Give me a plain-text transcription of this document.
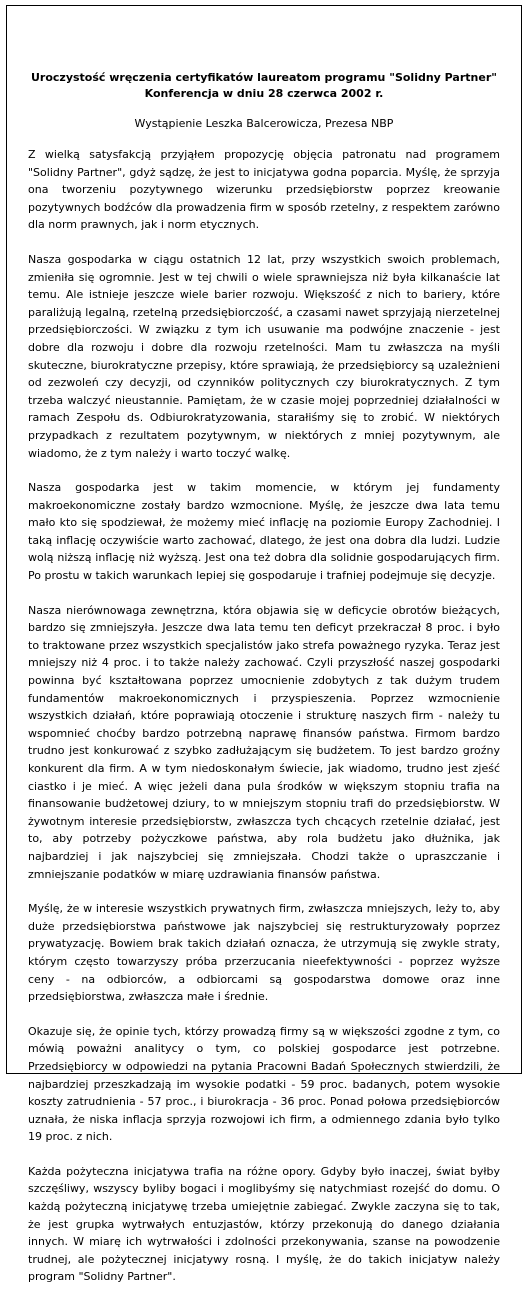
Uroczystość wręczenia certyfikatów laureatom programu "Solidny Partner"
Konferencja w dniu 28 czerwca 2002 r.

Wystąpienie Leszka Balcerowicza, Prezesa NBP

Z wielką satysfakcją przyjąłem propozycję objęcia patronatu nad programem "Solidny Partner", gdyż sądzę, że jest to inicjatywa godna poparcia. Myślę, że sprzyja ona tworzeniu pozytywnego wizerunku przedsiębiorstw poprzez kreowanie pozytywnych bodźców dla prowadzenia firm w sposób rzetelny, z respektem zarówno dla norm prawnych, jak i norm etycznych.

Nasza gospodarka w ciągu ostatnich 12 lat, przy wszystkich swoich problemach, zmieniła się ogromnie. Jest w tej chwili o wiele sprawniejsza niż była kilkanaście lat temu. Ale istnieje jeszcze wiele barier rozwoju. Większość z nich to bariery, które paraliżują legalną, rzetelną przedsiębiorczość, a czasami nawet sprzyjają nierzetelnej przedsiębiorczości. W związku z tym ich usuwanie ma podwójne znaczenie - jest dobre dla rozwoju i dobre dla rozwoju rzetelności. Mam tu zwłaszcza na myśli skuteczne, biurokratyczne przepisy, które sprawiają, że przedsiębiorcy są uzależnieni od zezwoleń czy decyzji, od czynników politycznych czy biurokratycznych. Z tym trzeba walczyć nieustannie. Pamiętam, że w czasie mojej poprzedniej działalności w ramach Zespołu ds. Odbiurokratyzowania, starałiśmy się to zrobić. W niektórych przypadkach z rezultatem pozytywnym, w niektórych z mniej pozytywnym, ale wiadomo, że z tym należy i warto toczyć walkę.

Nasza gospodarka jest w takim momencie, w którym jej fundamenty makroekonomiczne zostały bardzo wzmocnione. Myślę, że jeszcze dwa lata temu mało kto się spodziewał, że możemy mieć inflację na poziomie Europy Zachodniej. I taką inflację oczywiście warto zachować, dlatego, że jest ona dobra dla ludzi. Ludzie wolą niższą inflację niż wyższą. Jest ona też dobra dla solidnie gospodarujących firm. Po prostu w takich warunkach lepiej się gospodaruje i trafniej podejmuje się decyzje.

Nasza nierównowaga zewnętrzna, która objawia się w deficycie obrotów bieżących, bardzo się zmniejszyła. Jeszcze dwa lata temu ten deficyt przekraczał 8 proc. i było to traktowane przez wszystkich specjalistów jako strefa poważnego ryzyka. Teraz jest mniejszy niż 4 proc. i to także należy zachować. Czyli przyszłość naszej gospodarki powinna być kształtowana poprzez umocnienie zdobytych z tak dużym trudem fundamentów makroekonomicznych i przyspieszenia. Poprzez wzmocnienie wszystkich działań, które poprawiają otoczenie i strukturę naszych firm - należy tu wspomnieć choćby bardzo potrzebną naprawę finansów państwa. Firmom bardzo trudno jest konkurować z szybko zadłużającym się budżetem. To jest bardzo groźny konkurent dla firm. A w tym niedoskonałym świecie, jak wiadomo, trudno jest zjeść ciastko i je mieć. A więc jeżeli dana pula środków w większym stopniu trafia na finansowanie budżetowej dziury, to w mniejszym stopniu trafi do przedsiębiorstw. W żywotnym interesie przedsiębiorstw, zwłaszcza tych chcących rzetelnie działać, jest to, aby potrzeby pożyczkowe państwa, aby rola budżetu jako dłużnika, jak najbardziej i jak najszybciej się zmniejszała. Chodzi także o upraszczanie i zmniejszanie podatków w miarę uzdrawiania finansów państwa.

Myślę, że w interesie wszystkich prywatnych firm, zwłaszcza mniejszych, leży to, aby duże przedsiębiorstwa państwowe jak najszybciej się restrukturyzowały poprzez prywatyzację. Bowiem brak takich działań oznacza, że utrzymują się zwykle straty, którym często towarzyszy próba przerzucania nieefektywności - poprzez wyższe ceny - na odbiorców, a odbiorcami są gospodarstwa domowe oraz inne przedsiębiorstwa, zwłaszcza małe i średnie.

Okazuje się, że opinie tych, którzy prowadzą firmy są w większości zgodne z tym, co mówią poważni analitycy o tym, co polskiej gospodarce jest potrzebne. Przedsiębiorcy w odpowiedzi na pytania Pracowni Badań Społecznych stwierdzili, że najbardziej przeszkadzają im wysokie podatki - 59 proc. badanych, potem wysokie koszty zatrudnienia - 57 proc., i biurokracja - 36 proc. Ponad połowa przedsiębiorców uznała, że niska inflacja sprzyja rozwojowi ich firm, a odmiennego zdania było tylko 19 proc. z nich.

Każda pożyteczna inicjatywa trafia na różne opory. Gdyby było inaczej, świat byłby szczęśliwy, wszyscy byliby bogaci i moglibyśmy się natychmiast rozejść do domu. O każdą pożyteczną inicjatywę trzeba umiejętnie zabiegać. Zwykle zaczyna się to tak, że jest grupka wytrwałych entuzjastów, którzy przekonują do danego działania innych. W miarę ich wytrwałości i zdolności przekonywania, szanse na powodzenie trudnej, ale pożytecznej inicjatywy rosną. I myślę, że do takich inicjatyw należy program "Solidny Partner".
